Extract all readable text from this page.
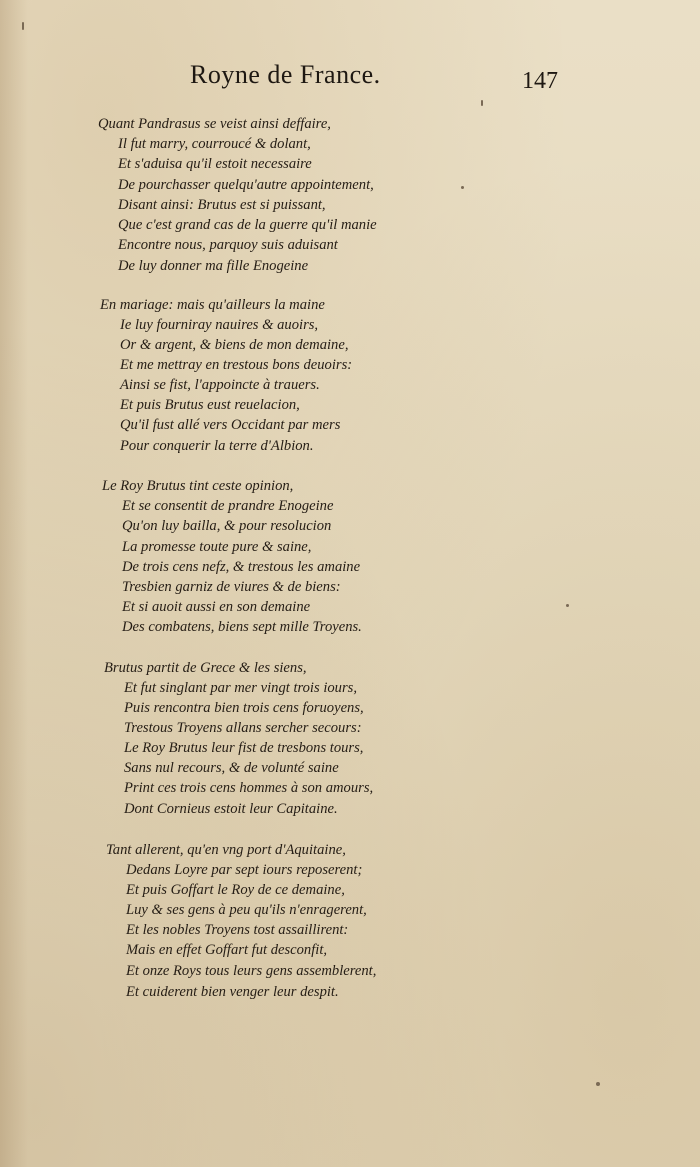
Royne de France.	147
Quant Pandrasus se veist ainsi deffaire,
Il fut marry, courroucé & dolant,
Et s'aduisa qu'il estoit necessaire
De pourchasser quelqu'autre appointement,
Disant ainsi: Brutus est si puissant,
Que c'est grand cas de la guerre qu'il manie
Encontre nous, parquoy suis aduisant
De luy donner ma fille Enogeine
En mariage: mais qu'ailleurs la maine
Ie luy fourniray nauires & auoirs,
Or & argent, & biens de mon demaine,
Et me mettray en trestous bons deuoirs:
Ainsi se fist, l'appoincte à trauers.
Et puis Brutus eust reuelacion,
Qu'il fust allé vers Occidant par mers
Pour conquerir la terre d'Albion.
Le Roy Brutus tint ceste opinion,
Et se consentit de prandre Enogeine
Qu'on luy bailla, & pour resolucion
La promesse toute pure & saine,
De trois cens nefz, & trestous les amaine
Tresbien garniz de viures & de biens:
Et si auoit aussi en son demaine
Des combatens, biens sept mille Troyens.
Brutus partit de Grece & les siens,
Et fut singlant par mer vingt trois iours,
Puis rencontra bien trois cens foruoyens,
Trestous Troyens allans sercher secours:
Le Roy Brutus leur fist de tresbons tours,
Sans nul recours, & de volunté saine
Print ces trois cens hommes à son amours,
Dont Cornieus estoit leur Capitaine.
Tant allerent, qu'en vng port d'Aquitaine,
Dedans Loyre par sept iours reposerent;
Et puis Goffart le Roy de ce demaine,
Luy & ses gens à peu qu'ils n'enragerent,
Et les nobles Troyens tost assaillirent:
Mais en effet Goffart fut desconfit,
Et onze Roys tous leurs gens assemblerent,
Et cuiderent bien venger leur despit.
